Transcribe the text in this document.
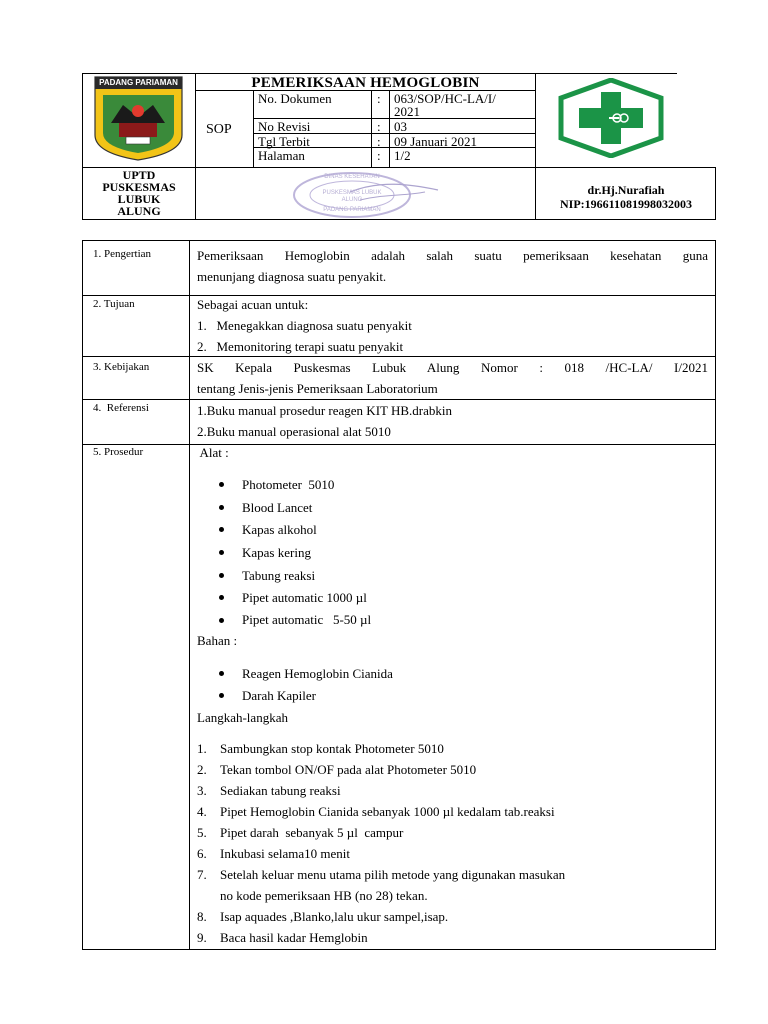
PADANG PARIAMAN	PEMERIKSAAN HEMOGLOBIN
SOP
No. Dokumen	: 063/SOP/HC-LA/I/
2021
No Revisi	: 03
Tgl Terbit	: 09 Januari 2021
Halaman	: 1/2
UPTD
PUSKESMAS
LUBUK
ALUNG
DINAS KESEHATAN
PUSKESMAS LUBUK ALUNG
PADANG PARIAMAN
dr.Hj.Nurafiah
NIP:196611081998032003
1. Pengertian	Pemeriksaan Hemoglobin adalah salah suatu pemeriksaan kesehatan guna
menunjang diagnosa suatu penyakit.
2. Tujuan	Sebagai acuan untuk:
1.   Menegakkan diagnosa suatu penyakit
2.   Memonitoring terapi suatu penyakit
3. Kebijakan	SK Kepala Puskesmas Lubuk Alung Nomor : 018 /HC-LA/ I/2021
tentang Jenis-jenis Pemeriksaan Laboratorium
4.  Referensi	1.Buku manual prosedur reagen KIT HB.drabkin
2.Buku manual operasional alat 5010
5. Prosedur	Alat :
Photometer  5010
Blood Lancet
Kapas alkohol
Kapas kering
Tabung reaksi
Pipet automatic 1000 µl
Pipet automatic   5-50 µl
Bahan :
Reagen Hemoglobin Cianida
Darah Kapiler
Langkah-langkah
1. Sambungkan stop kontak Photometer 5010
2. Tekan tombol ON/OF pada alat Photometer 5010
3. Sediakan tabung reaksi
4. Pipet Hemoglobin Cianida sebanyak 1000 µl kedalam tab.reaksi
5. Pipet darah  sebanyak 5 µl  campur
6. Inkubasi selama10 menit
7. Setelah keluar menu utama pilih metode yang digunakan masukan
no kode pemeriksaan HB (no 28) tekan.
8. Isap aquades ,Blanko,lalu ukur sampel,isap.
9. Baca hasil kadar Hemglobin
